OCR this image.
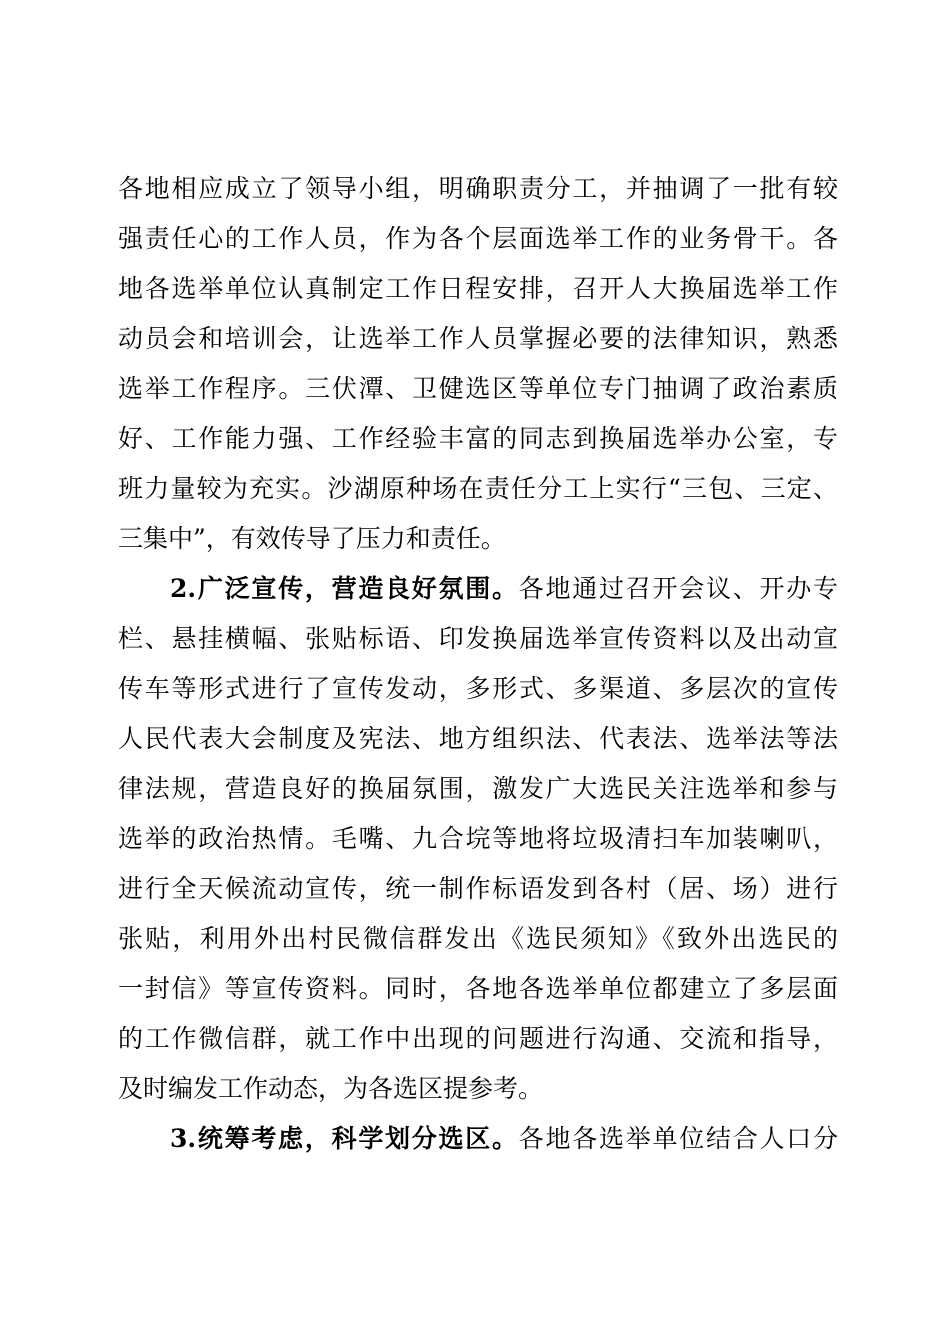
各地相应成立了领导小组，明确职责分工，并抽调了一批有较
强责任心的工作人员，作为各个层面选举工作的业务骨干。各
地各选举单位认真制定工作日程安排，召开人大换届选举工作
动员会和培训会，让选举工作人员掌握必要的法律知识，熟悉
选举工作程序。三伏潭、卫健选区等单位专门抽调了政治素质
好、工作能力强、工作经验丰富的同志到换届选举办公室，专
班力量较为充实。沙湖原种场在责任分工上实行“三包、三定、
三集中”，有效传导了压力和责任。
2.广泛宣传，营造良好氛围。各地通过召开会议、开办专
栏、悬挂横幅、张贴标语、印发换届选举宣传资料以及出动宣
传车等形式进行了宣传发动，多形式、多渠道、多层次的宣传
人民代表大会制度及宪法、地方组织法、代表法、选举法等法
律法规，营造良好的换届氛围，激发广大选民关注选举和参与
选举的政治热情。毛嘴、九合垸等地将垃圾清扫车加装喇叭，
进行全天候流动宣传，统一制作标语发到各村（居、场）进行
张贴，利用外出村民微信群发出《选民须知》《致外出选民的
一封信》等宣传资料。同时，各地各选举单位都建立了多层面
的工作微信群，就工作中出现的问题进行沟通、交流和指导，
及时编发工作动态，为各选区提参考。
3.统筹考虑，科学划分选区。各地各选举单位结合人口分
